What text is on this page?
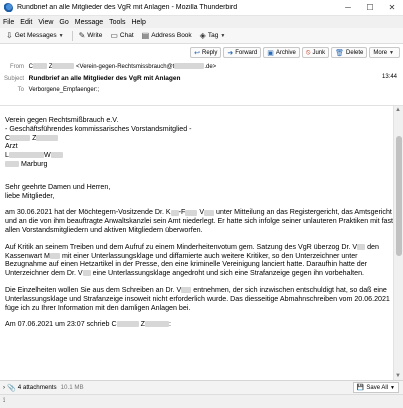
Rundbrief an alle Mitglieder des VgR mit Anlagen - Mozilla Thunderbird	─	☐	✕
File Edit View Go Message Tools Help
⇩ Get Messages ▼ ✎ Write ▭ Chat ▤ Address Book ◈ Tag ▼
↩ Reply ➜ Forward ▣ Archive ⦸ Junk 🗑 Delete More ▼
From C	Z	<Verein-gegen-Rechtsmissbrauch@t	.de>
Subject Rundbrief an alle Mitglieder des VgR mit Anlagen	13:44
To Verborgene_Empfaenger:;

Verein gegen Rechtsmißbrauch e.V.
- Geschäftsführendes kommissarisches Vorstandsmitglied -
C	Z
Arzt
L	W
Marburg

Sehr geehrte Damen und Herren,
liebe Mitglieder,

am 30.06.2021 hat der Möchtegern-Vositzende Dr. K -F V unter Mitteilung an das Registergericht, das Amtsgericht und an die von ihm beauftragte Anwaltskanzlei sein Amt niederlegt. Er hatte sich infolge seiner unlauteren Praktiken mit fast allen Vorstandsmitgliedern und aktiven Mitgliedern überworfen.

Auf Kritik an seinem Treiben und dem Aufruf zu einem Minderheitenvotum gem. Satzung des VgR überzog Dr. V den Kassenwart M mit einer Unterlassungsklage und diffamierte auch weitere Kritiker, so den Unterzeichner unter Bezugnahme auf einen Hetzartikel in der Presse, den eine kriminelle Vereinigung lanciert hatte. Daraufhin hatte der Unterzeichner dem Dr. V eine Unterlassungsklage angedroht und sich eine Strafanzeige gegen ihn vorbehalten.

Die Einzelheiten wollen Sie aus dem Schreiben an Dr. V entnehmen, der sich inzwischen entschuldigt hat, so daß eine Unterlassungsklage und Strafanzeige insoweit nicht erforderlich wurde. Das diesseitige Abmahnschreiben vom 20.06.2021 füge ich zu Ihrer Information mit den damligen Anlagen bei.

Am 07.06.2021 um 23:07 schrieb C	Z	:

▲
▼
› 📎 4 attachments 10.1 MB	💾 Save All ▼
⟟
